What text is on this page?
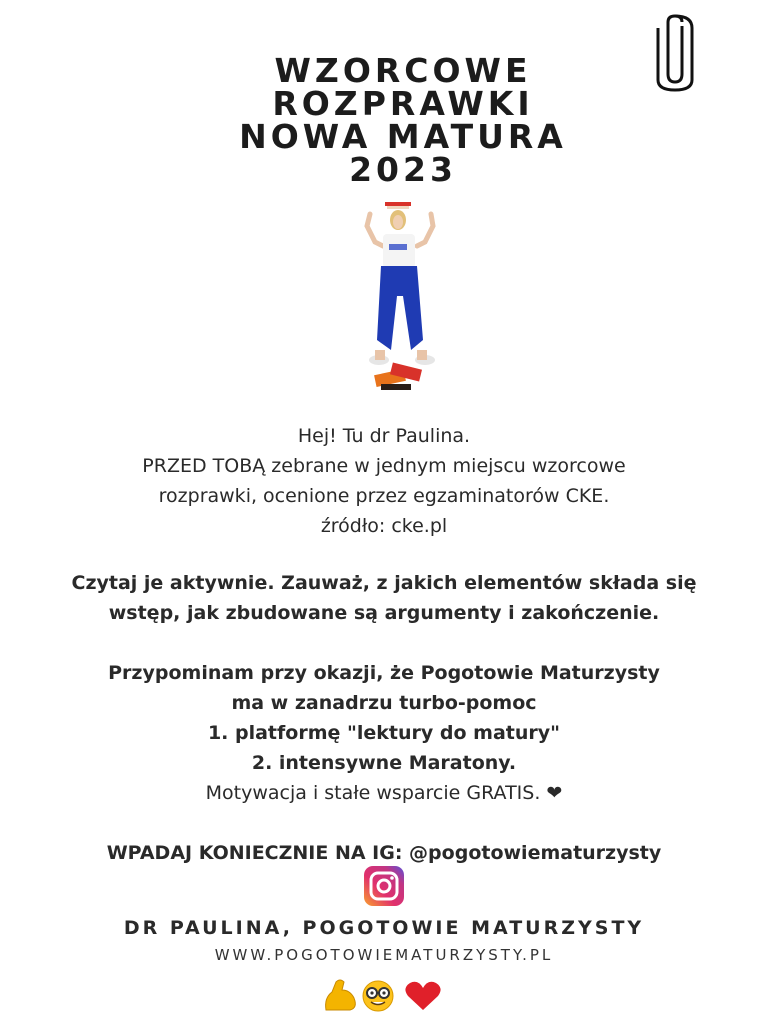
WZORCOWE
ROZPRAWKI
NOWA MATURA
2023
Hej! Tu dr Paulina.
PRZED TOBĄ zebrane w jednym miejscu wzorcowe
rozprawki, ocenione przez egzaminatorów CKE.
źródło: cke.pl
Czytaj je aktywnie. Zauważ, z jakich elementów składa się
wstęp, jak zbudowane są argumenty i zakończenie.
Przypominam przy okazji, że Pogotowie Maturzysty
ma w zanadrzu turbo-pomoc
1. platformę "lektury do matury"
2. intensywne Maratony.
Motywacja i stałe wsparcie GRATIS. ❤
WPADAJ KONIECZNIE NA IG: @pogotowiematurzysty
DR PAULINA, POGOTOWIE MATURZYSTY
WWW.POGOTOWIEMATURZYSTY.PL
